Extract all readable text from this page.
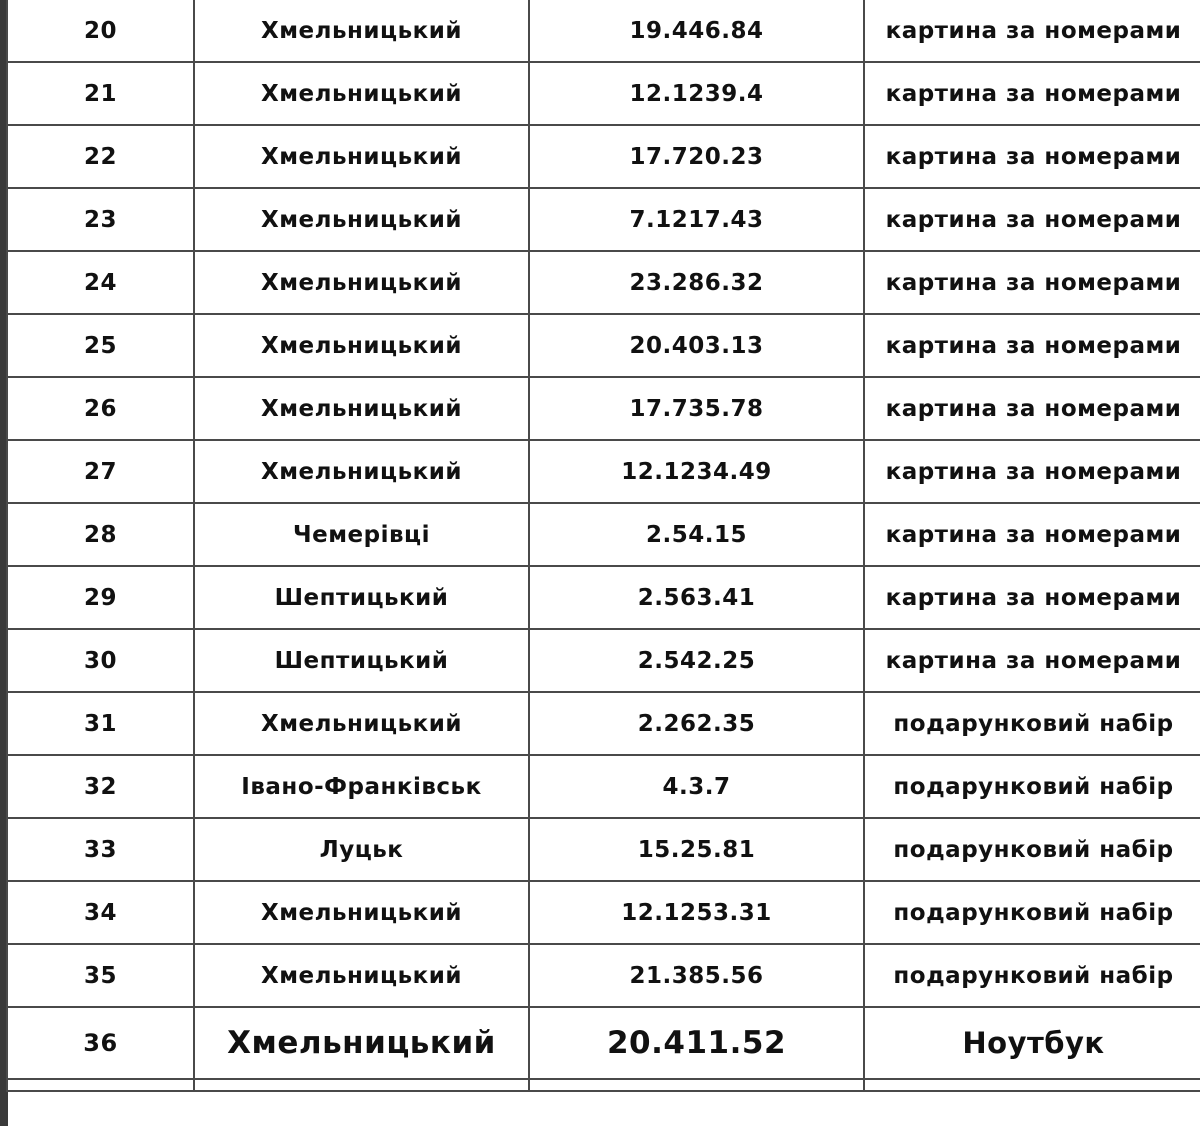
20	Хмельницький	19.446.84	картина за номерами
21	Хмельницький	12.1239.4	картина за номерами
22	Хмельницький	17.720.23	картина за номерами
23	Хмельницький	7.1217.43	картина за номерами
24	Хмельницький	23.286.32	картина за номерами
25	Хмельницький	20.403.13	картина за номерами
26	Хмельницький	17.735.78	картина за номерами
27	Хмельницький	12.1234.49	картина за номерами
28	Чемерівці	2.54.15	картина за номерами
29	Шептицький	2.563.41	картина за номерами
30	Шептицький	2.542.25	картина за номерами
31	Хмельницький	2.262.35	подарунковий набір
32	Івано-Франківськ	4.3.7	подарунковий набір
33	Луцьк	15.25.81	подарунковий набір
34	Хмельницький	12.1253.31	подарунковий набір
35	Хмельницький	21.385.56	подарунковий набір
36	Хмельницький	20.411.52	Ноутбук
